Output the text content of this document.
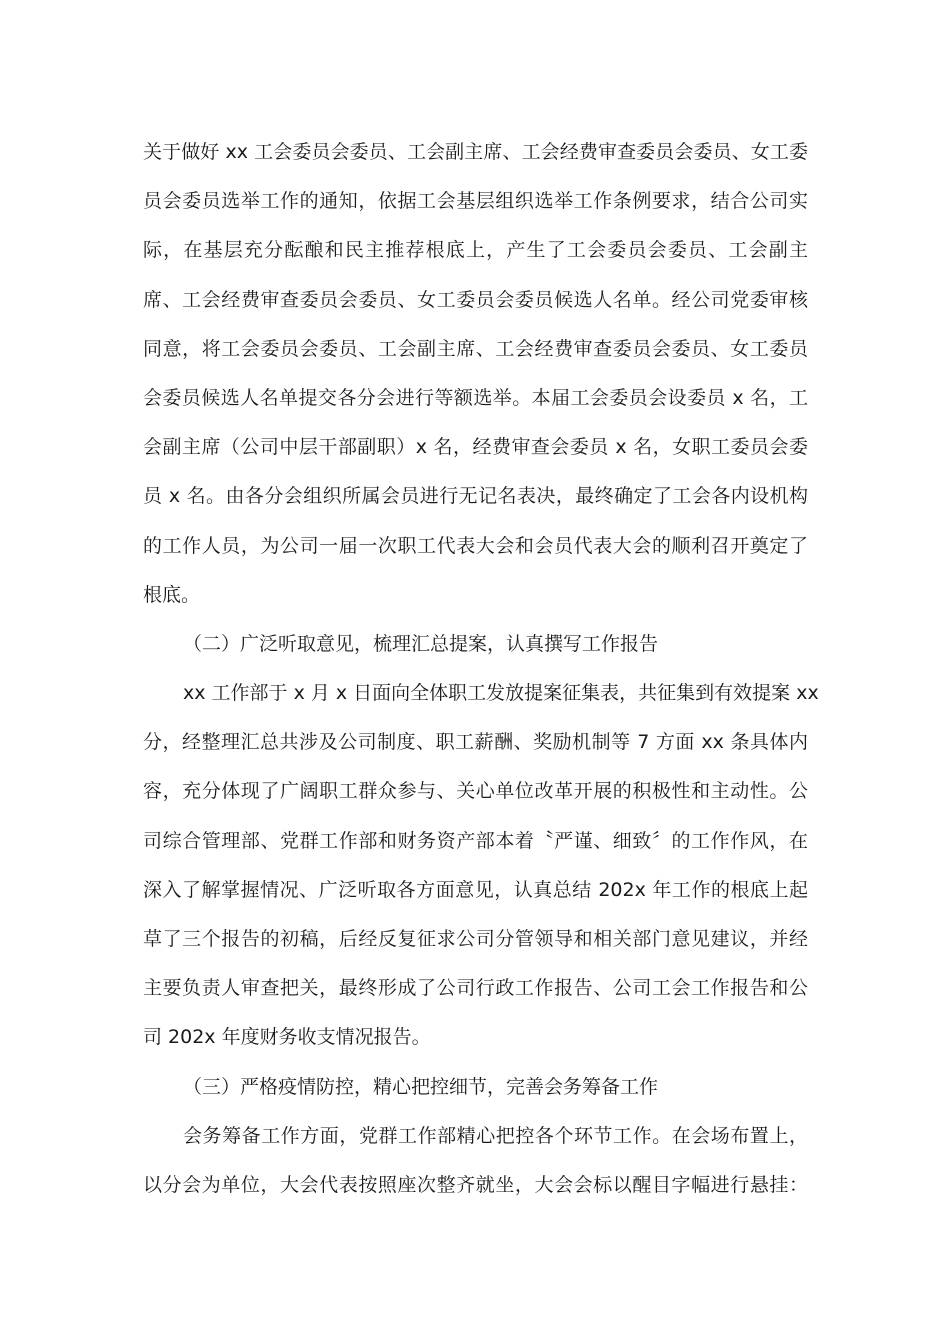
关于做好 xx 工会委员会委员、工会副主席、工会经费审查委员会委员、女工委
员会委员选举工作的通知，依据工会基层组织选举工作条例要求，结合公司实
际，在基层充分酝酿和民主推荐根底上，产生了工会委员会委员、工会副主
席、工会经费审查委员会委员、女工委员会委员候选人名单。经公司党委审核
同意，将工会委员会委员、工会副主席、工会经费审查委员会委员、女工委员
会委员候选人名单提交各分会进行等额选举。本届工会委员会设委员 x 名，工
会副主席（公司中层干部副职）x 名，经费审查会委员 x 名，女职工委员会委
员 x 名。由各分会组织所属会员进行无记名表决，最终确定了工会各内设机构
的工作人员，为公司一届一次职工代表大会和会员代表大会的顺利召开奠定了
根底。
（二）广泛听取意见，梳理汇总提案，认真撰写工作报告
xx 工作部于 x 月 x 日面向全体职工发放提案征集表，共征集到有效提案 xx
分，经整理汇总共涉及公司制度、职工薪酬、奖励机制等 7 方面 xx 条具体内
容，充分体现了广阔职工群众参与、关心单位改革开展的积极性和主动性。公
司综合管理部、党群工作部和财务资产部本着〝严谨、细致〞的工作作风，在
深入了解掌握情况、广泛听取各方面意见，认真总结 202x 年工作的根底上起
草了三个报告的初稿，后经反复征求公司分管领导和相关部门意见建议，并经
主要负责人审查把关，最终形成了公司行政工作报告、公司工会工作报告和公
司 202x 年度财务收支情况报告。
（三）严格疫情防控，精心把控细节，完善会务筹备工作
会务筹备工作方面，党群工作部精心把控各个环节工作。在会场布置上，
以分会为单位，大会代表按照座次整齐就坐，大会会标以醒目字幅进行悬挂：
